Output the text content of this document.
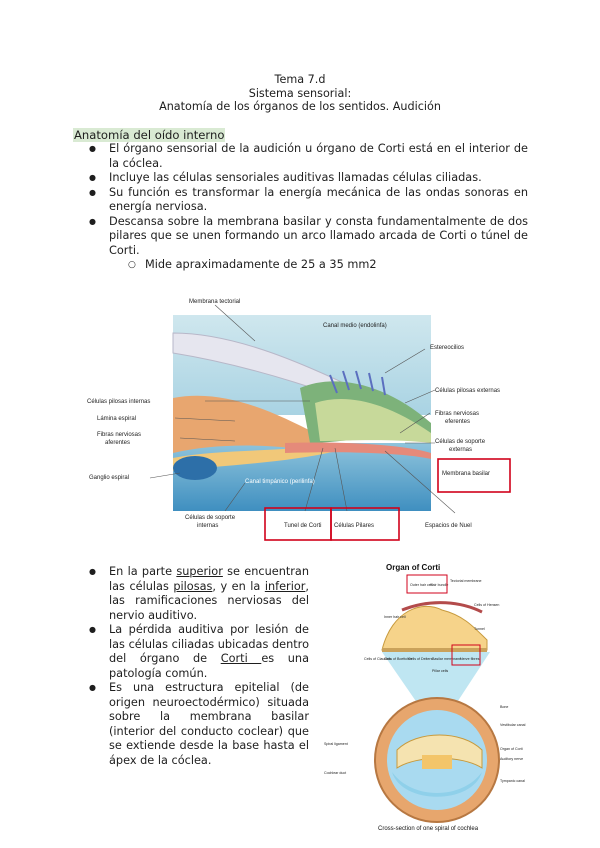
Tema 7.d
Sistema sensorial:
Anatomía de los órganos de los sentidos. Audición
Anatomía del oído interno
● El órgano sensorial de la audición u órgano de Corti está en el interior de la cóclea.
● Incluye las células sensoriales auditivas llamadas células ciliadas.
● Su función es transformar la energía mecánica de las ondas sonoras en energía nerviosa.
● Descansa sobre la membrana basilar y consta fundamentalmente de dos pilares que se unen formando un arco llamado arcada de Corti o túnel de Corti.
○ Mide apraximadamente de 25 a 35 mm2
Membrana tectorial
Canal medio (endolinfa)
Estereocilios
Células pilosas externas
Células pilosas internas
Lámina espiral
Fibras nerviosas
aferentes
Fibras nerviosas
eferentes
Células de soporte
externas
Membrana basilar
Ganglio espiral
Canal timpánico (perilinfa)
Células de soporte
internas	Tunel de Corti Células Pilares	Espacios de Nuel
● En la parte superior se encuentran las células pilosas, y en la inferior, las ramificaciones nerviosas del nervio auditivo.
● La pérdida auditiva por lesión de las células ciliadas ubicadas dentro del órgano de Corti es una patología común.
● Es una estructura epitelial (de origen neuroectodérmico) situada sobre la membrana basilar (interior del conducto coclear) que se extiende desde la base hasta el ápex de la cóclea.
Organ of Corti
Outer hair cell
Hair bundle
Tectorial membrane
Cells of Hensen
Inner hair cell
Tunnel
Cells of Claudius
Cells of Boettcher
Cells of Deiters Basilar membrane
Nerve fibres
Pillar cells
Bone
Vestibular canal
Spiral ligament
Organ of Corti
Auditory nerve
Cochlear duct
Tympanic canal
Cross-section of one spiral of cochlea
